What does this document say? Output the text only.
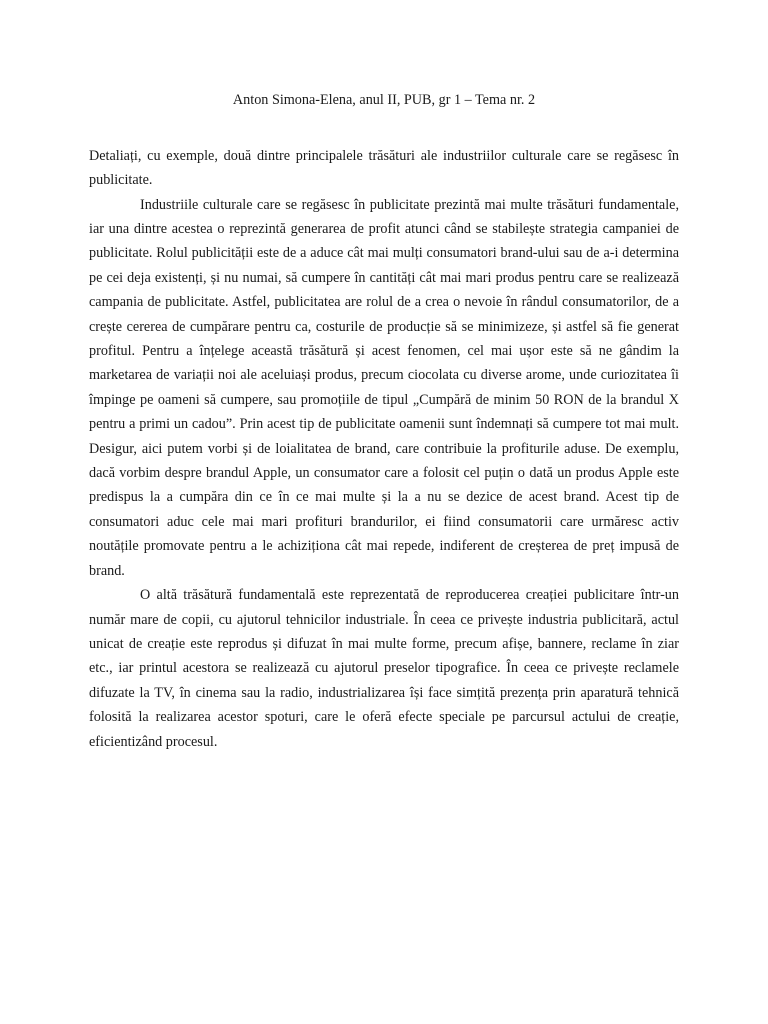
Anton Simona-Elena, anul II, PUB, gr 1 – Tema nr. 2

Detaliați, cu exemple, două dintre principalele trăsături ale industriilor culturale care se regăsesc în publicitate.

Industriile culturale care se regăsesc în publicitate prezintă mai multe trăsături fundamentale, iar una dintre acestea o reprezintă generarea de profit atunci când se stabilește strategia campaniei de publicitate. Rolul publicității este de a aduce cât mai mulți consumatori brand-ului sau de a-i determina pe cei deja existenți, și nu numai, să cumpere în cantități cât mai mari produs pentru care se realizează campania de publicitate. Astfel, publicitatea are rolul de a crea o nevoie în rândul consumatorilor, de a crește cererea de cumpărare pentru ca, costurile de producție să se minimizeze, și astfel să fie generat profitul. Pentru a înțelege această trăsătură și acest fenomen, cel mai ușor este să ne gândim la marketarea de variații noi ale aceluiași produs, precum ciocolata cu diverse arome, unde curiozitatea îi împinge pe oameni să cumpere, sau promoțiile de tipul „Cumpără de minim 50 RON de la brandul X pentru a primi un cadou”. Prin acest tip de publicitate oamenii sunt îndemnați să cumpere tot mai mult. Desigur, aici putem vorbi și de loialitatea de brand, care contribuie la profiturile aduse. De exemplu, dacă vorbim despre brandul Apple, un consumator care a folosit cel puțin o dată un produs Apple este predispus la a cumpăra din ce în ce mai multe și la a nu se dezice de acest brand. Acest tip de consumatori aduc cele mai mari profituri brandurilor, ei fiind consumatorii care urmăresc activ noutățile promovate pentru a le achiziționa cât mai repede, indiferent de creșterea de preț impusă de brand.

O altă trăsătură fundamentală este reprezentată de reproducerea creației publicitare într-un număr mare de copii, cu ajutorul tehnicilor industriale. În ceea ce privește industria publicitară, actul unicat de creație este reprodus și difuzat în mai multe forme, precum afișe, bannere, reclame în ziar etc., iar printul acestora se realizează cu ajutorul preselor tipografice. În ceea ce privește reclamele difuzate la TV, în cinema sau la radio, industrializarea își face simțită prezența prin aparatură tehnică folosită la realizarea acestor spoturi, care le oferă efecte speciale pe parcursul actului de creație, eficientizând procesul.
